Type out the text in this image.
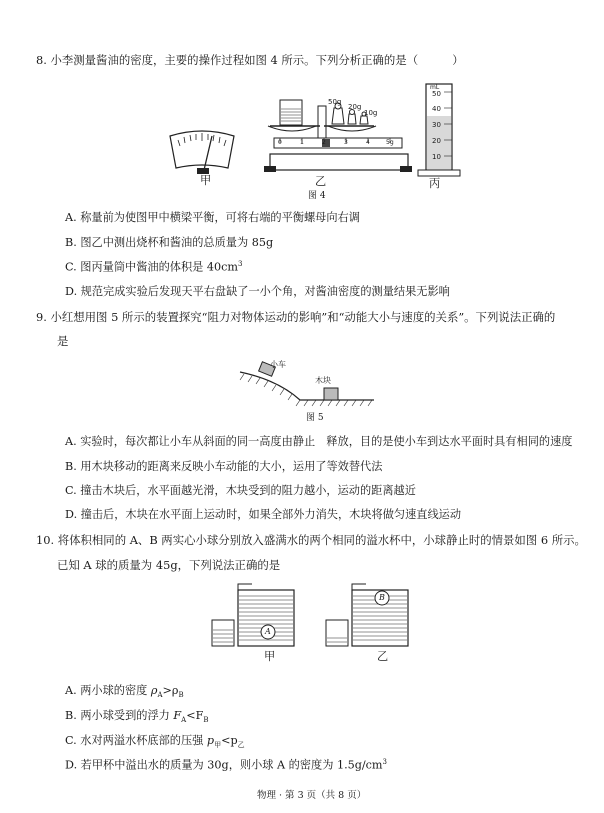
8. 小李测量酱油的密度，主要的操作过程如图 4 所示。下列分析正确的是（　　　）
甲
50g
20g
10g
0	1	2	3	4	5g
乙
mL
50
40
30
20
10
丙
图 4
A. 称量前为使图甲中横梁平衡，可将右端的平衡螺母向右调
B. 图乙中测出烧杯和酱油的总质量为 85g
C. 图丙量筒中酱油的体积是 $40cm^3$
D. 规范完成实验后发现天平右盘缺了一小个角，对酱油密度的测量结果无影响
9. 小红想用图 5 所示的装置探究“阻力对物体运动的影响”和“动能大小与速度的关系”。下列说法正确的
是
小车
木块
图 5
A. 实验时，每次都让小车从斜面的同一高度由静止　释放，目的是使小车到达水平面时具有相同的速度
B. 用木块移动的距离来反映小车动能的大小，运用了等效替代法
C. 撞击木块后，水平面越光滑，木块受到的阻力越小，运动的距离越近
D. 撞击后，木块在水平面上运动时，如果全部外力消失，木块将做匀速直线运动
10. 将体积相同的 A、B 两实心小球分别放入盛满水的两个相同的溢水杯中，小球静止时的情景如图 6 所示。
已知 A 球的质量为 45g，下列说法正确的是
A
甲
B
乙
A. 两小球的密度 $\rho_A>\rho_B$
B. 两小球受到的浮力 $F_A<F_B$
C. 水对两溢水杯底部的压强 $p_甲<p_乙$
D. 若甲杯中溢出水的质量为 30g，则小球 A 的密度为 $1.5g/cm^3$
物理 · 第 3 页（共 8 页）
